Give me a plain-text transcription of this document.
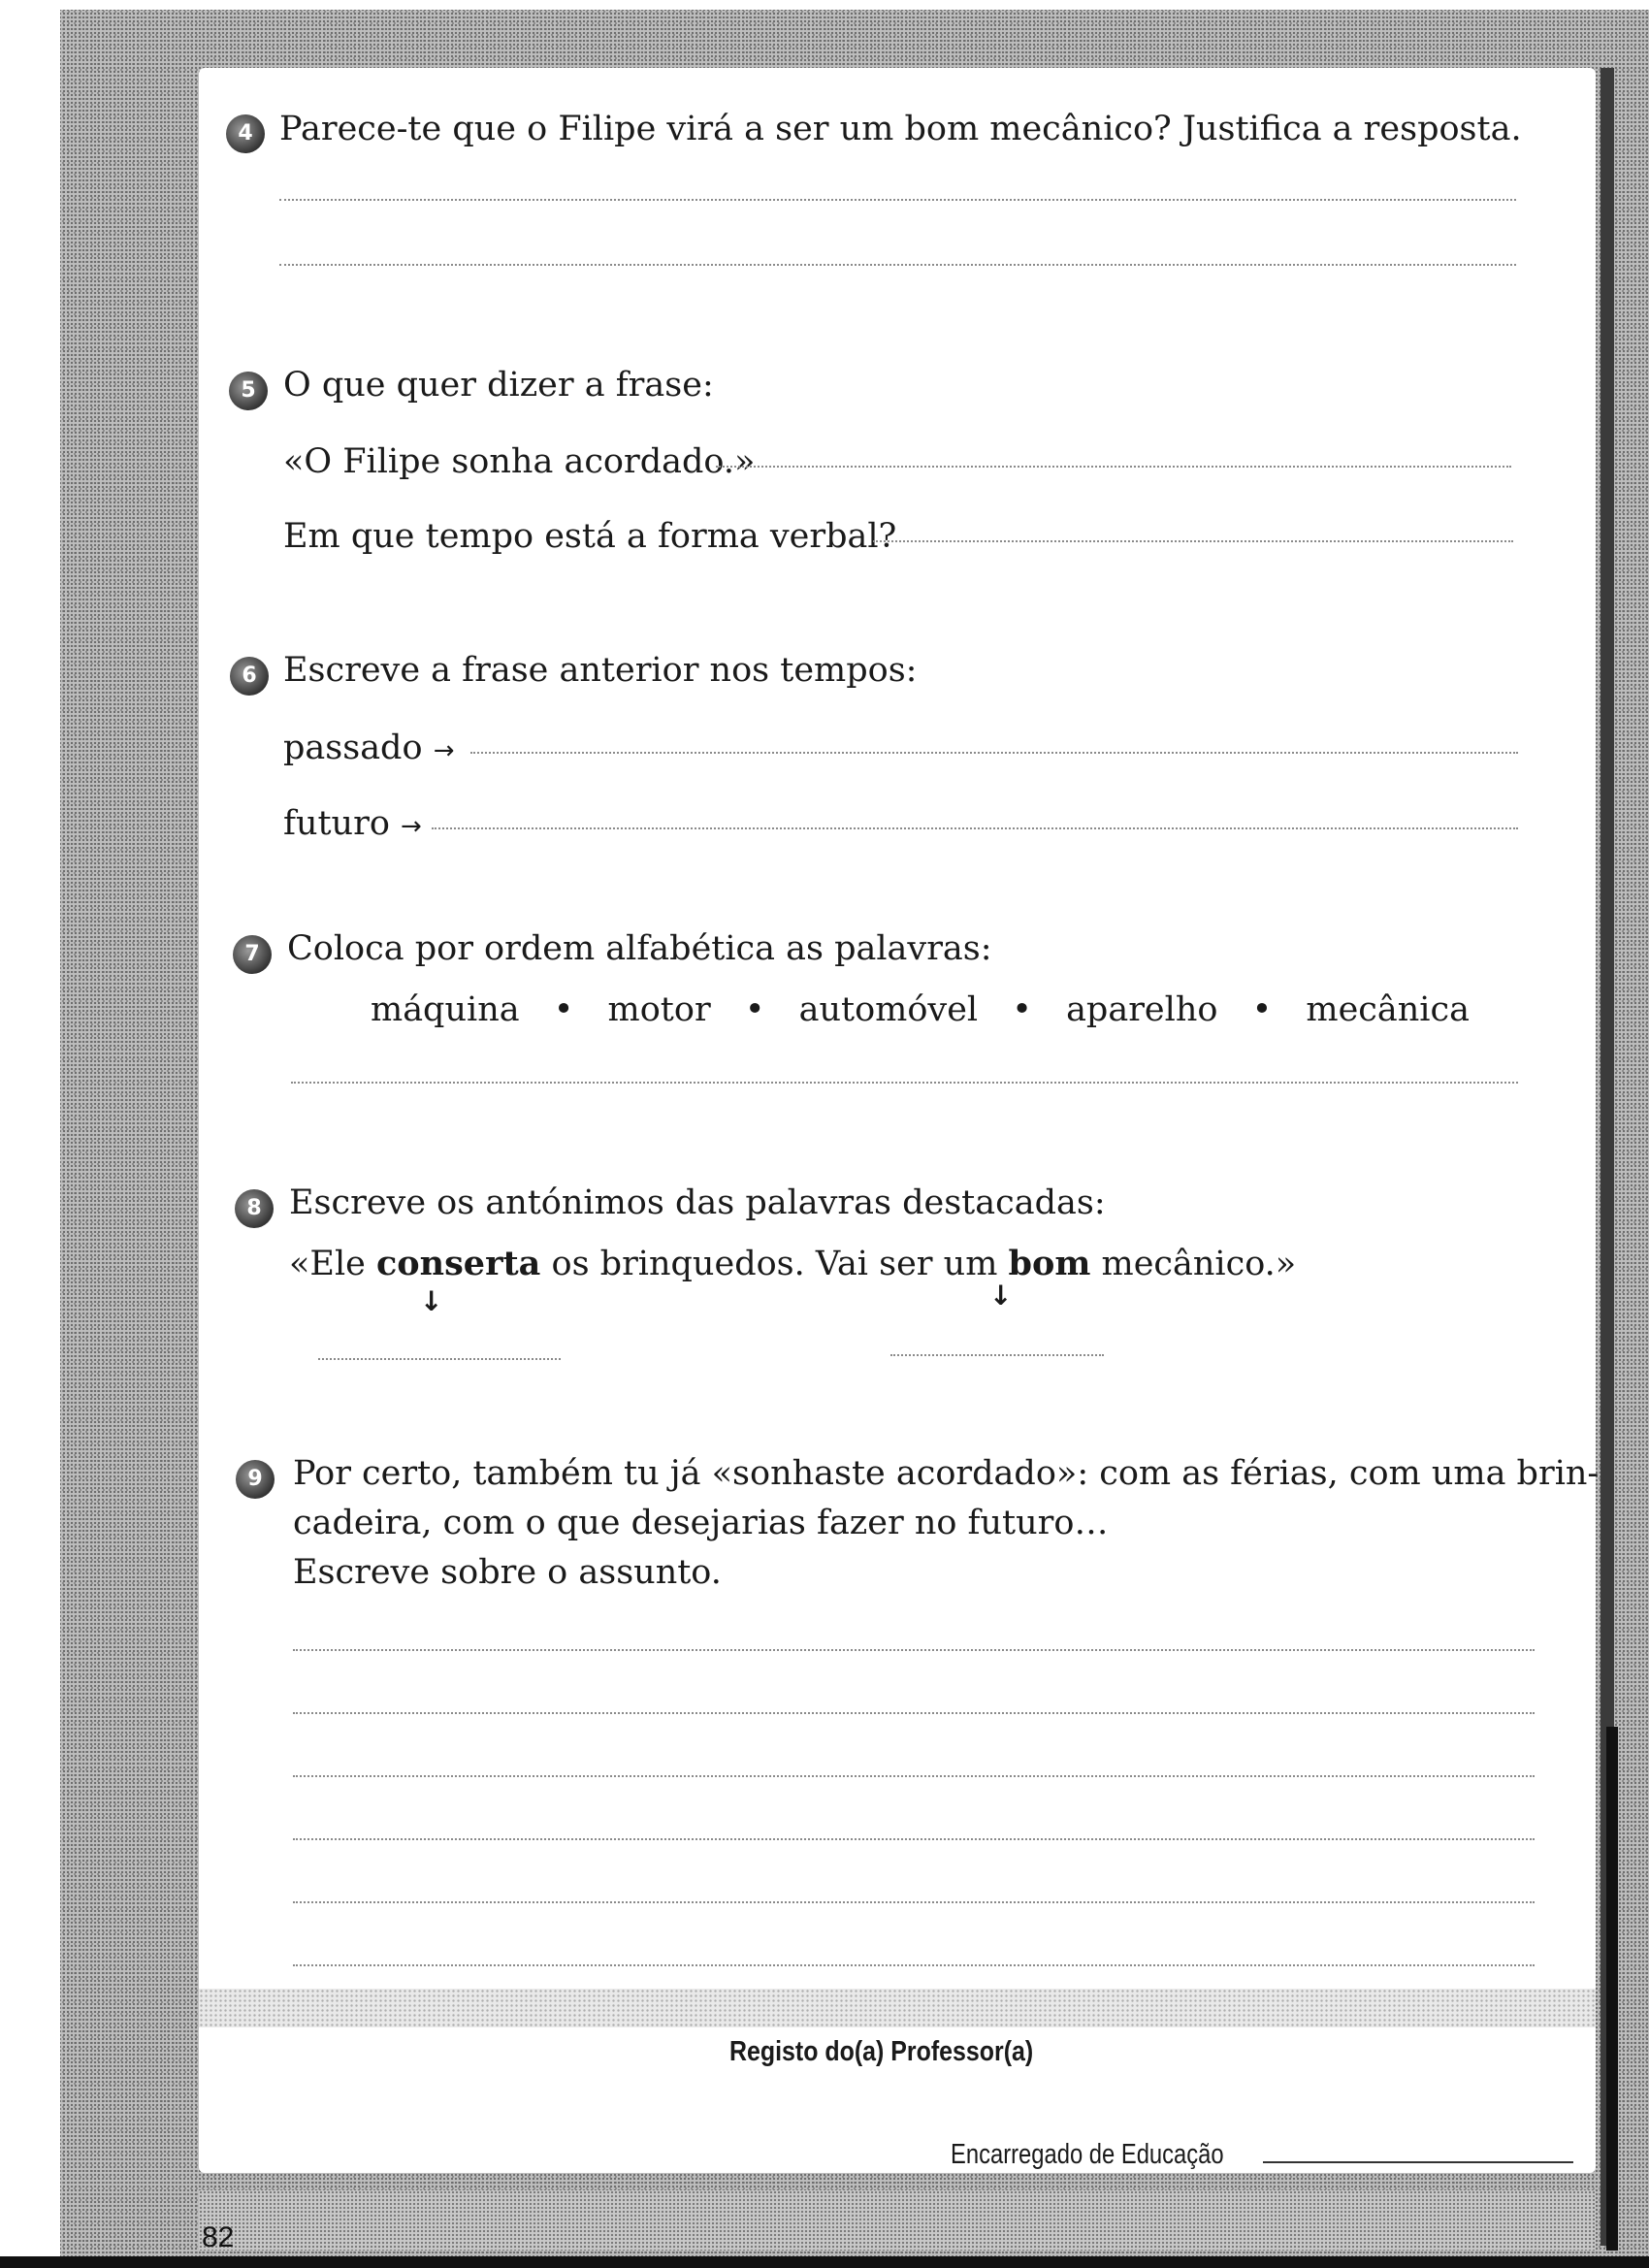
4 Parece-te que o Filipe virá a ser um bom mecânico? Justifica a resposta.
5 O que quer dizer a frase:
«O Filipe sonha acordado.»
Em que tempo está a forma verbal?
6 Escreve a frase anterior nos tempos:
passado →
futuro →
7 Coloca por ordem alfabética as palavras:
máquina • motor • automóvel • aparelho • mecânica
8 Escreve os antónimos das palavras destacadas:
«Ele conserta os brinquedos. Vai ser um bom mecânico.»
↓	↓
9 Por certo, também tu já «sonhaste acordado»: com as férias, com uma brin-
cadeira, com o que desejarias fazer no futuro…
Escreve sobre o assunto.
Registo do(a) Professor(a)
Encarregado de Educação
82
